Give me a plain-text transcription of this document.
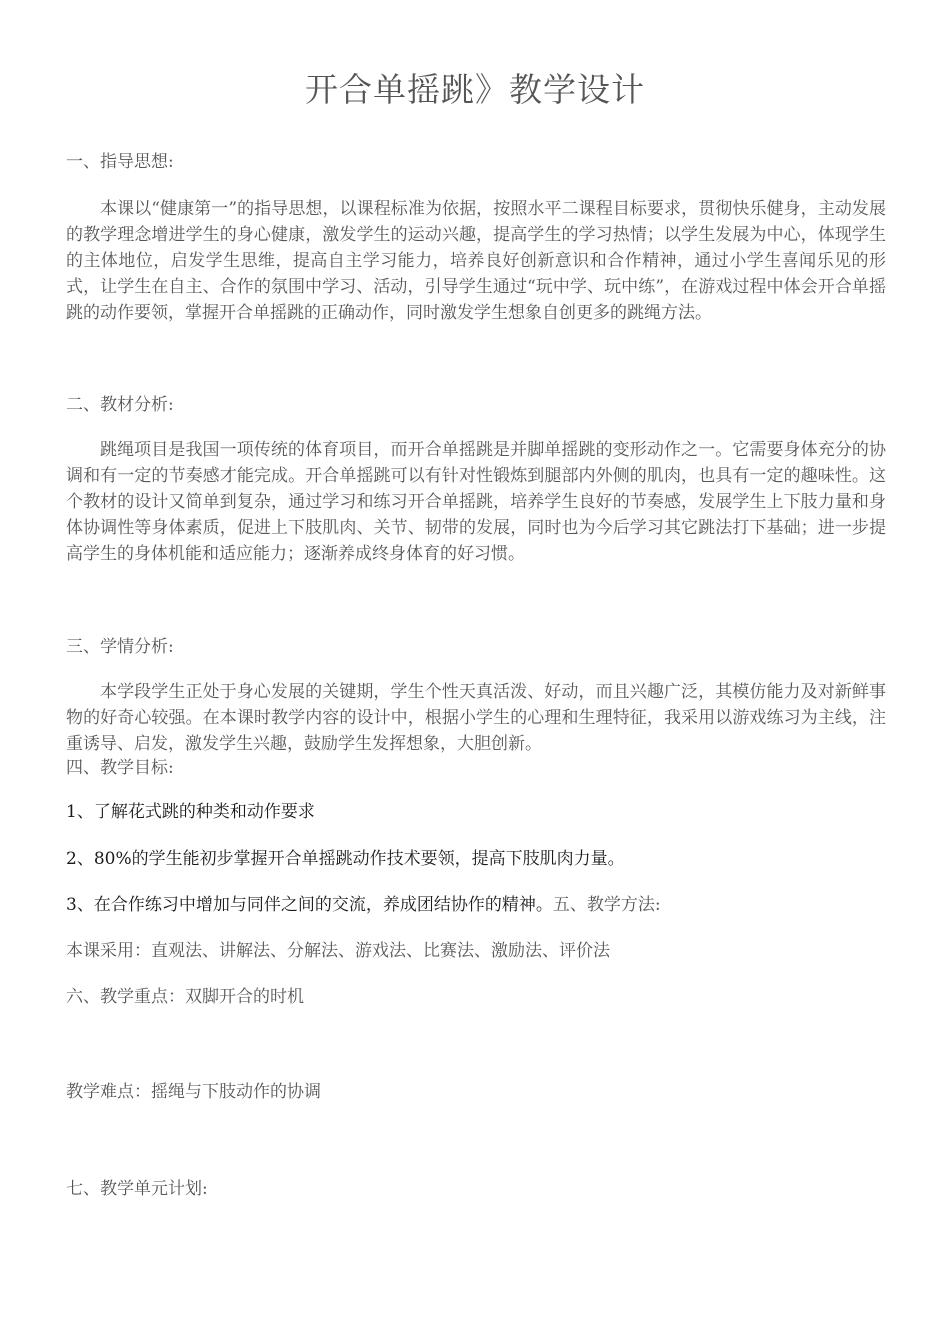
开合单摇跳》教学设计
一、指导思想:

本课以“健康第一”的指导思想，以课程标准为依据，按照水平二课程目标要求，贯彻快乐健身，主动发展的教学理念增进学生的身心健康，激发学生的运动兴趣，提高学生的学习热情；以学生发展为中心，体现学生的主体地位，启发学生思维，提高自主学习能力，培养良好创新意识和合作精神，通过小学生喜闻乐见的形式，让学生在自主、合作的氛围中学习、活动，引导学生通过“玩中学、玩中练”，在游戏过程中体会开合单摇跳的动作要领，掌握开合单摇跳的正确动作，同时激发学生想象自创更多的跳绳方法。

二、教材分析:

跳绳项目是我国一项传统的体育项目，而开合单摇跳是并脚单摇跳的变形动作之一。它需要身体充分的协调和有一定的节奏感才能完成。开合单摇跳可以有针对性锻炼到腿部内外侧的肌肉，也具有一定的趣味性。这个教材的设计又简单到复杂，通过学习和练习开合单摇跳，培养学生良好的节奏感，发展学生上下肢力量和身体协调性等身体素质，促进上下肢肌肉、关节、韧带的发展，同时也为今后学习其它跳法打下基础；进一步提高学生的身体机能和适应能力；逐渐养成终身体育的好习惯。

三、学情分析:

本学段学生正处于身心发展的关键期，学生个性天真活泼、好动，而且兴趣广泛，其模仿能力及对新鲜事物的好奇心较强。在本课时教学内容的设计中，根据小学生的心理和生理特征，我采用以游戏练习为主线，注重诱导、启发，激发学生兴趣，鼓励学生发挥想象，大胆创新。

四、教学目标:
1、了解花式跳的种类和动作要求
2、80%的学生能初步掌握开合单摇跳动作技术要领，提高下肢肌肉力量。
3、在合作练习中增加与同伴之间的交流，养成团结协作的精神。五、教学方法:
本课采用：直观法、讲解法、分解法、游戏法、比赛法、激励法、评价法
六、教学重点：双脚开合的时机
教学难点：摇绳与下肢动作的协调
七、教学单元计划:
